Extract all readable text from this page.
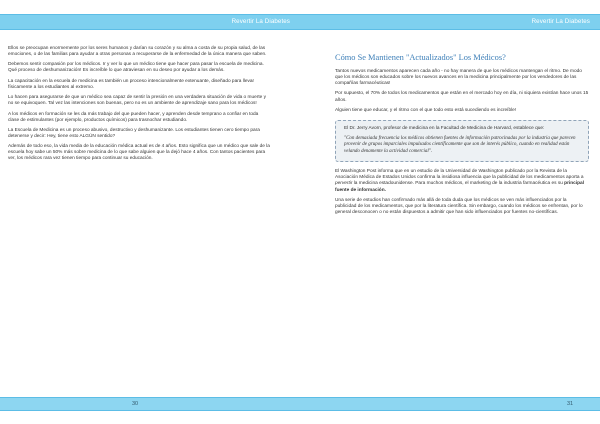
Revertir La Diabetes

Ellos se preocupan enormemente por los seres humanos y darían su corazón y su alma a costa de su propia salud, de las emociones, o de las familias para ayudar a otras personas a recuperarse de la enfermedad de la única manera que saben.

Debemos sentir compasión por los médicos. Ir y ver lo que un médico tiene que hacer para pasar la escuela de medicina. Qué proceso de deshumanización! Es increíble lo que atraviesan en su deseo por ayudar a los demás.

La capacitación en la escuela de medicina es también un proceso intencionalmente extenuante, diseñado para llevar físicamente a los estudiantes al extremo.

Lo hacen para asegurarse de que un médico sea capaz de sentir la presión en una verdadera situación de vida o muerte y no se equivoquen. Tal vez las intenciones son buenas, pero no es un ambiente de aprendizaje sano para los médicos!

A los médicos en formación se les da más trabajo del que pueden hacer, y aprenden desde temprano a confiar en toda clase de estimulantes (por ejemplo, productos químicos) para trasnochar estudiando.

La Escuela de Medicina es un proceso abusivo, destructivo y deshumanizante. Los estudiantes tienen cero tiempo para detenerse y decir: Hey, tiene esto ALGÚN sentido?

Además de todo eso, la vida media de la educación médica actual es de 4 años. Esto significa que un médico que sale de la escuela hoy sabe un 50% más sobre medicina de lo que sabe alguien que la dejó hace 4 años. Con tantos pacientes para ver, los médicos rara vez tienen tiempo para continuar su educación.

30
Revertir La Diabetes
Cómo Se Mantienen "Actualizados" Los Médicos?

Tantos nuevos medicamentos aparecen cada año - no hay manera de que los médicos mantengan el ritmo. De modo que los médicos son educados sobre los nuevos avances en la medicina principalmente por los vendedores de las compañías farmacéuticas!

Por supuesto, el 70% de todos los medicamentos que están en el mercado hoy en día, ni siquiera existían hace unos 15 años.

Alguien tiene que educar, y el ritmo con el que todo esto está sucediendo es increíble!

El Dr. Jerry Avorn, profesor de medicina en la Facultad de Medicina de Harvard, establece que:

"Con demasiada frecuencia los médicos obtienen fuentes de información patrocinadas por la industria que parecen provenir de grupos imparciales impulsados científicamente que son de interés público, cuando en realidad están velando denamente la actividad comercial".

El Washington Post informa que en un estudio de la Universidad de Washington publicado por la Revista de la Asociación Médica de Estados Unidos confirma la insidiosa influencia que la publicidad de los medicamentos aporta a pervertir la medicina estadounidense. Para muchos médicos, el marketing de la industria farmacéutica es su principal fuente de información.

Una serie de estudios han confirmado más allá de toda duda que los médicos se ven más influenciados por la publicidad de los medicamentos, que por la literatura científica. Sin embargo, cuando los médicos se enfrentan, por lo general desconocen o no están dispuestos a admitir que han sido influenciados por fuentes no-científicas.

31
